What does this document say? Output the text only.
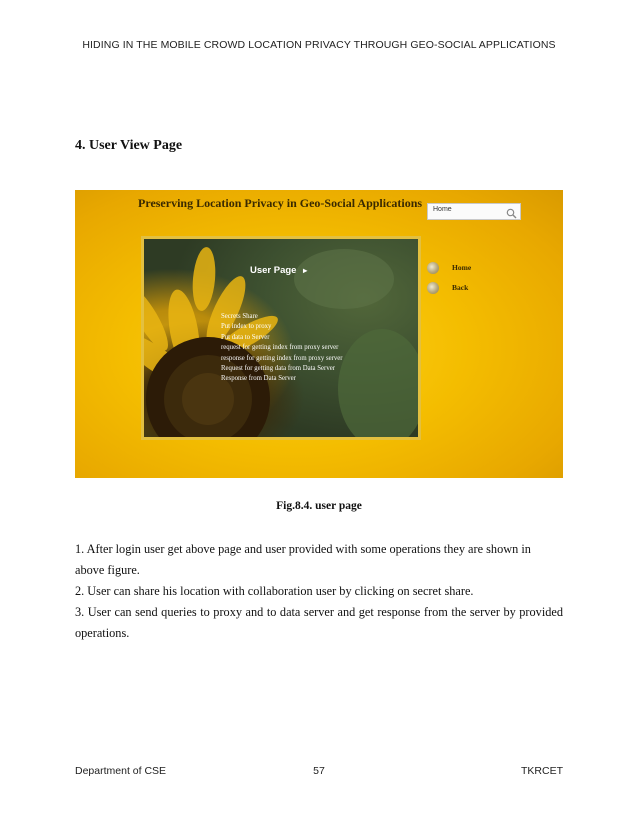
HIDING IN THE MOBILE CROWD LOCATION PRIVACY THROUGH GEO-SOCIAL APPLICATIONS
4. User View Page
Preserving Location Privacy in Geo-Social Applications Home
User Page ▸
Secrets Share
Put index to proxy
Put data to Server
request for getting index from proxy server
response for getting index from proxy server
Request for getting data from Data Server
Response from Data Server
Home
Back
Fig.8.4. user page

1. After login user get above page and user provided with some operations they are shown in above figure.

2. User can share his location with collaboration user by clicking on secret share.

3. User can send queries to proxy and to data server and get response from the server by provided operations.

Department of CSE	57	TKRCET
